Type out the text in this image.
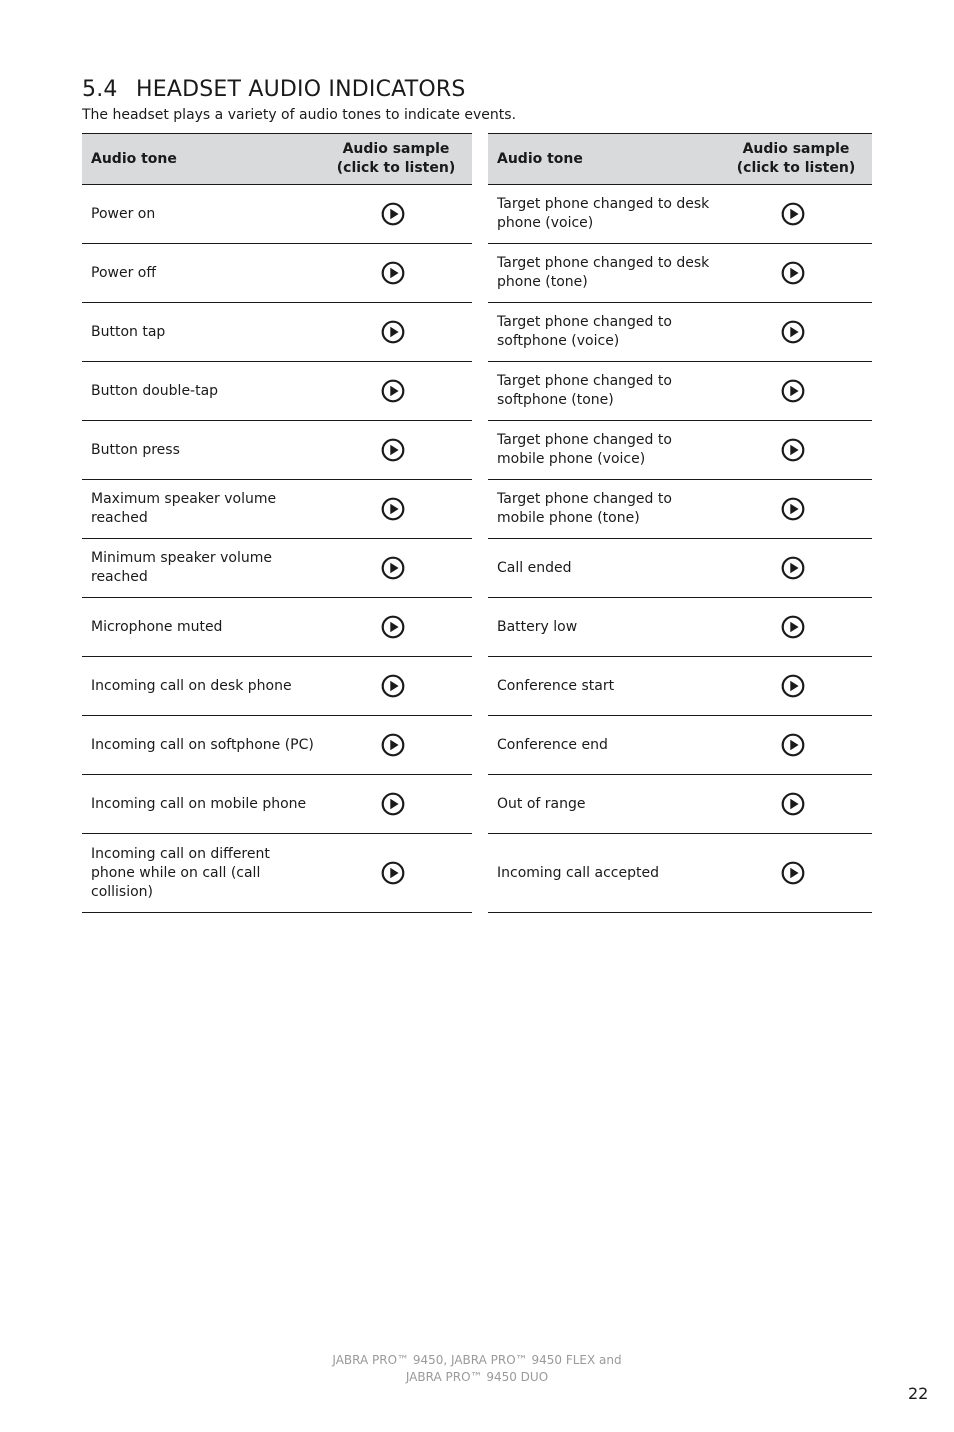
5.4 HEADSET AUDIO INDICATORS

The headset plays a variety of audio tones to indicate events.

Audio tone
Audio sample
(click to listen)
Power on
Power off
Button tap
Button double-tap
Button press
Maximum speaker volume reached
Minimum speaker volume reached
Microphone muted
Incoming call on desk phone
Incoming call on softphone (PC)
Incoming call on mobile phone
Incoming call on different phone while on call (call collision)
Audio tone
Audio sample
(click to listen)
Target phone changed to desk phone (voice)
Target phone changed to desk phone (tone)
Target phone changed to softphone (voice)
Target phone changed to softphone (tone)
Target phone changed to mobile phone (voice)
Target phone changed to mobile phone (tone)
Call ended
Battery low
Conference start
Conference end
Out of range
Incoming call accepted

JABRA PRO™ 9450, JABRA PRO™ 9450 FLEX and

JABRA PRO™ 9450 DUO

22
